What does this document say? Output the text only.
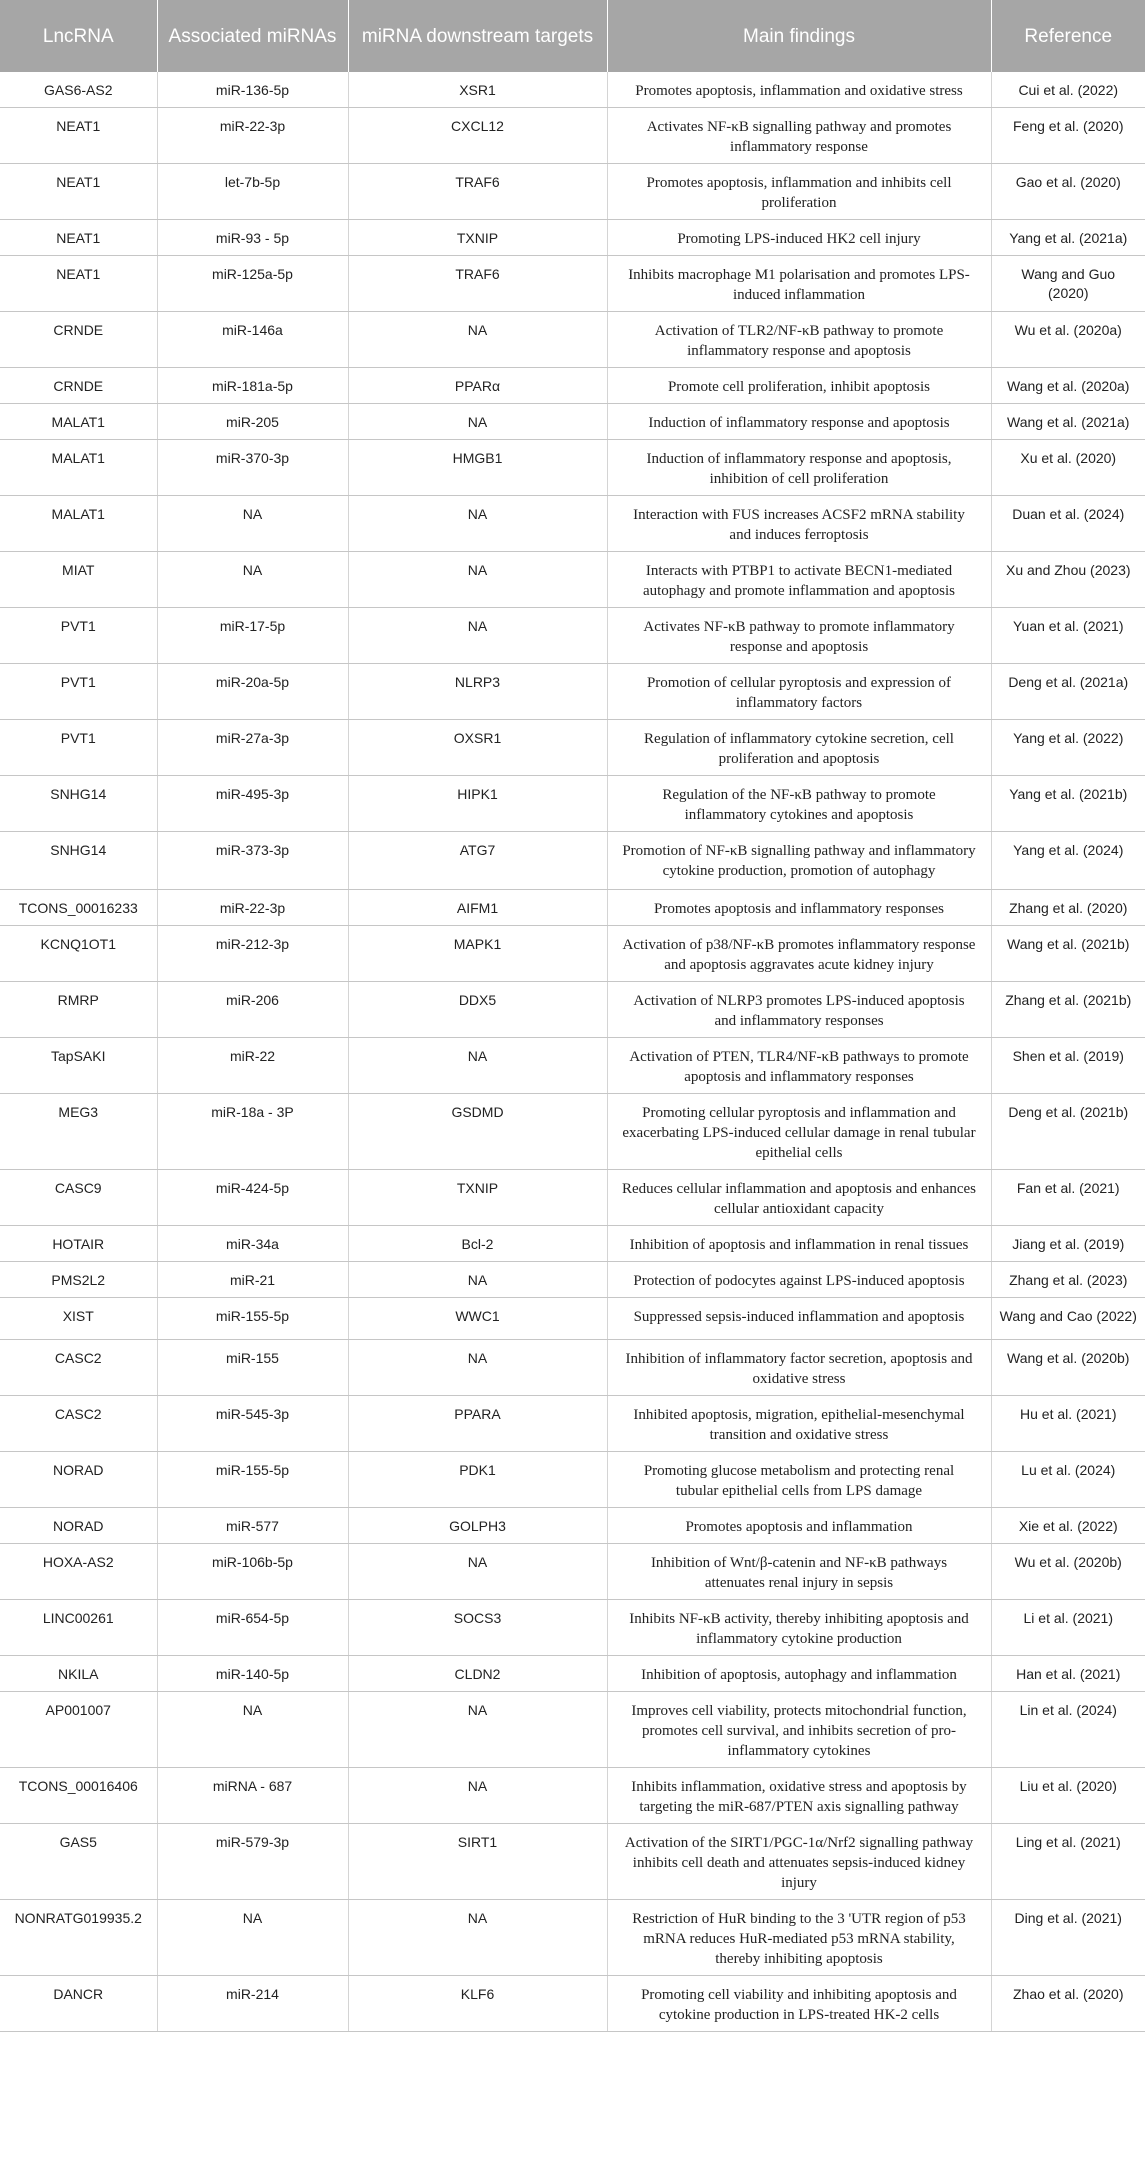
LncRNA	Associated miRNAs	miRNA downstream targets	Main findings	Reference
GAS6-AS2	miR-136-5p	XSR1	Promotes apoptosis, inflammation and oxidative stress	Cui et al. (2022)
NEAT1	miR-22-3p	CXCL12	Activates NF-κB signalling pathway and promotes inflammatory response	Feng et al. (2020)
NEAT1	let-7b-5p	TRAF6	Promotes apoptosis, inflammation and inhibits cell proliferation	Gao et al. (2020)
NEAT1	miR-93 - 5p	TXNIP	Promoting LPS-induced HK2 cell injury	Yang et al. (2021a)
NEAT1	miR-125a-5p	TRAF6	Inhibits macrophage M1 polarisation and promotes LPS-induced inflammation	Wang and Guo (2020)
CRNDE	miR-146a	NA	Activation of TLR2/NF-κB pathway to promote inflammatory response and apoptosis	Wu et al. (2020a)
CRNDE	miR-181a-5p	PPARα	Promote cell proliferation, inhibit apoptosis	Wang et al. (2020a)
MALAT1	miR-205	NA	Induction of inflammatory response and apoptosis	Wang et al. (2021a)
MALAT1	miR-370-3p	HMGB1	Induction of inflammatory response and apoptosis, inhibition of cell proliferation	Xu et al. (2020)
MALAT1	NA	NA	Interaction with FUS increases ACSF2 mRNA stability and induces ferroptosis	Duan et al. (2024)
MIAT	NA	NA	Interacts with PTBP1 to activate BECN1-mediated autophagy and promote inflammation and apoptosis	Xu and Zhou (2023)
PVT1	miR-17-5p	NA	Activates NF-κB pathway to promote inflammatory response and apoptosis	Yuan et al. (2021)
PVT1	miR-20a-5p	NLRP3	Promotion of cellular pyroptosis and expression of inflammatory factors	Deng et al. (2021a)
PVT1	miR-27a-3p	OXSR1	Regulation of inflammatory cytokine secretion, cell proliferation and apoptosis	Yang et al. (2022)
SNHG14	miR-495-3p	HIPK1	Regulation of the NF-κB pathway to promote inflammatory cytokines and apoptosis	Yang et al. (2021b)
SNHG14	miR-373-3p	ATG7	Promotion of NF-κB signalling pathway and inflammatory cytokine production, promotion of autophagy	Yang et al. (2024)
TCONS_00016233	miR-22-3p	AIFM1	Promotes apoptosis and inflammatory responses	Zhang et al. (2020)
KCNQ1OT1	miR-212-3p	MAPK1	Activation of p38/NF-κB promotes inflammatory response and apoptosis aggravates acute kidney injury	Wang et al. (2021b)
RMRP	miR-206	DDX5	Activation of NLRP3 promotes LPS-induced apoptosis and inflammatory responses	Zhang et al. (2021b)
TapSAKI	miR-22	NA	Activation of PTEN, TLR4/NF-κB pathways to promote apoptosis and inflammatory responses	Shen et al. (2019)
MEG3	miR-18a - 3P	GSDMD	Promoting cellular pyroptosis and inflammation and exacerbating LPS-induced cellular damage in renal tubular epithelial cells	Deng et al. (2021b)
CASC9	miR-424-5p	TXNIP	Reduces cellular inflammation and apoptosis and enhances cellular antioxidant capacity	Fan et al. (2021)
HOTAIR	miR-34a	Bcl-2	Inhibition of apoptosis and inflammation in renal tissues	Jiang et al. (2019)
PMS2L2	miR-21	NA	Protection of podocytes against LPS-induced apoptosis	Zhang et al. (2023)
XIST	miR-155-5p	WWC1	Suppressed sepsis-induced inflammation and apoptosis	Wang and Cao (2022)
CASC2	miR-155	NA	Inhibition of inflammatory factor secretion, apoptosis and oxidative stress	Wang et al. (2020b)
CASC2	miR-545-3p	PPARA	Inhibited apoptosis, migration, epithelial-mesenchymal transition and oxidative stress	Hu et al. (2021)
NORAD	miR-155-5p	PDK1	Promoting glucose metabolism and protecting renal tubular epithelial cells from LPS damage	Lu et al. (2024)
NORAD	miR-577	GOLPH3	Promotes apoptosis and inflammation	Xie et al. (2022)
HOXA-AS2	miR-106b-5p	NA	Inhibition of Wnt/β-catenin and NF-κB pathways attenuates renal injury in sepsis	Wu et al. (2020b)
LINC00261	miR-654-5p	SOCS3	Inhibits NF-κB activity, thereby inhibiting apoptosis and inflammatory cytokine production	Li et al. (2021)
NKILA	miR-140-5p	CLDN2	Inhibition of apoptosis, autophagy and inflammation	Han et al. (2021)
AP001007	NA	NA	Improves cell viability, protects mitochondrial function, promotes cell survival, and inhibits secretion of pro-inflammatory cytokines	Lin et al. (2024)
TCONS_00016406	miRNA - 687	NA	Inhibits inflammation, oxidative stress and apoptosis by targeting the miR-687/PTEN axis signalling pathway	Liu et al. (2020)
GAS5	miR-579-3p	SIRT1	Activation of the SIRT1/PGC-1α/Nrf2 signalling pathway inhibits cell death and attenuates sepsis-induced kidney injury	Ling et al. (2021)
NONRATG019935.2	NA	NA	Restriction of HuR binding to the 3 'UTR region of p53 mRNA reduces HuR-mediated p53 mRNA stability, thereby inhibiting apoptosis	Ding et al. (2021)
DANCR	miR-214	KLF6	Promoting cell viability and inhibiting apoptosis and cytokine production in LPS-treated HK-2 cells	Zhao et al. (2020)
